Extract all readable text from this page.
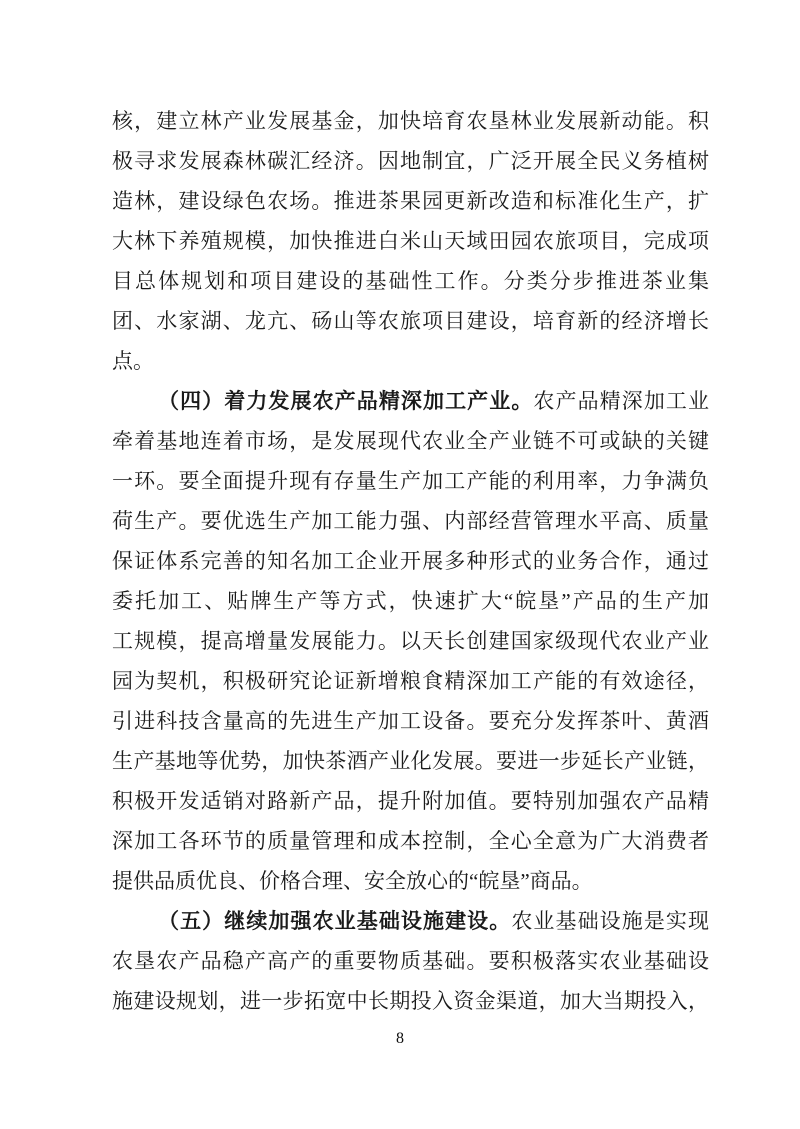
核，建立林产业发展基金，加快培育农垦林业发展新动能。积
极寻求发展森林碳汇经济。因地制宜，广泛开展全民义务植树
造林，建设绿色农场。推进茶果园更新改造和标准化生产，扩
大林下养殖规模，加快推进白米山天域田园农旅项目，完成项
目总体规划和项目建设的基础性工作。分类分步推进茶业集
团、水家湖、龙亢、砀山等农旅项目建设，培育新的经济增长
点。
（四）着力发展农产品精深加工产业。农产品精深加工业
牵着基地连着市场，是发展现代农业全产业链不可或缺的关键
一环。要全面提升现有存量生产加工产能的利用率，力争满负
荷生产。要优选生产加工能力强、内部经营管理水平高、质量
保证体系完善的知名加工企业开展多种形式的业务合作，通过
委托加工、贴牌生产等方式，快速扩大“皖垦”产品的生产加
工规模，提高增量发展能力。以天长创建国家级现代农业产业
园为契机，积极研究论证新增粮食精深加工产能的有效途径，
引进科技含量高的先进生产加工设备。要充分发挥茶叶、黄酒
生产基地等优势，加快茶酒产业化发展。要进一步延长产业链，
积极开发适销对路新产品，提升附加值。要特别加强农产品精
深加工各环节的质量管理和成本控制，全心全意为广大消费者
提供品质优良、价格合理、安全放心的“皖垦”商品。
（五）继续加强农业基础设施建设。农业基础设施是实现
农垦农产品稳产高产的重要物质基础。要积极落实农业基础设
施建设规划，进一步拓宽中长期投入资金渠道，加大当期投入，
8
